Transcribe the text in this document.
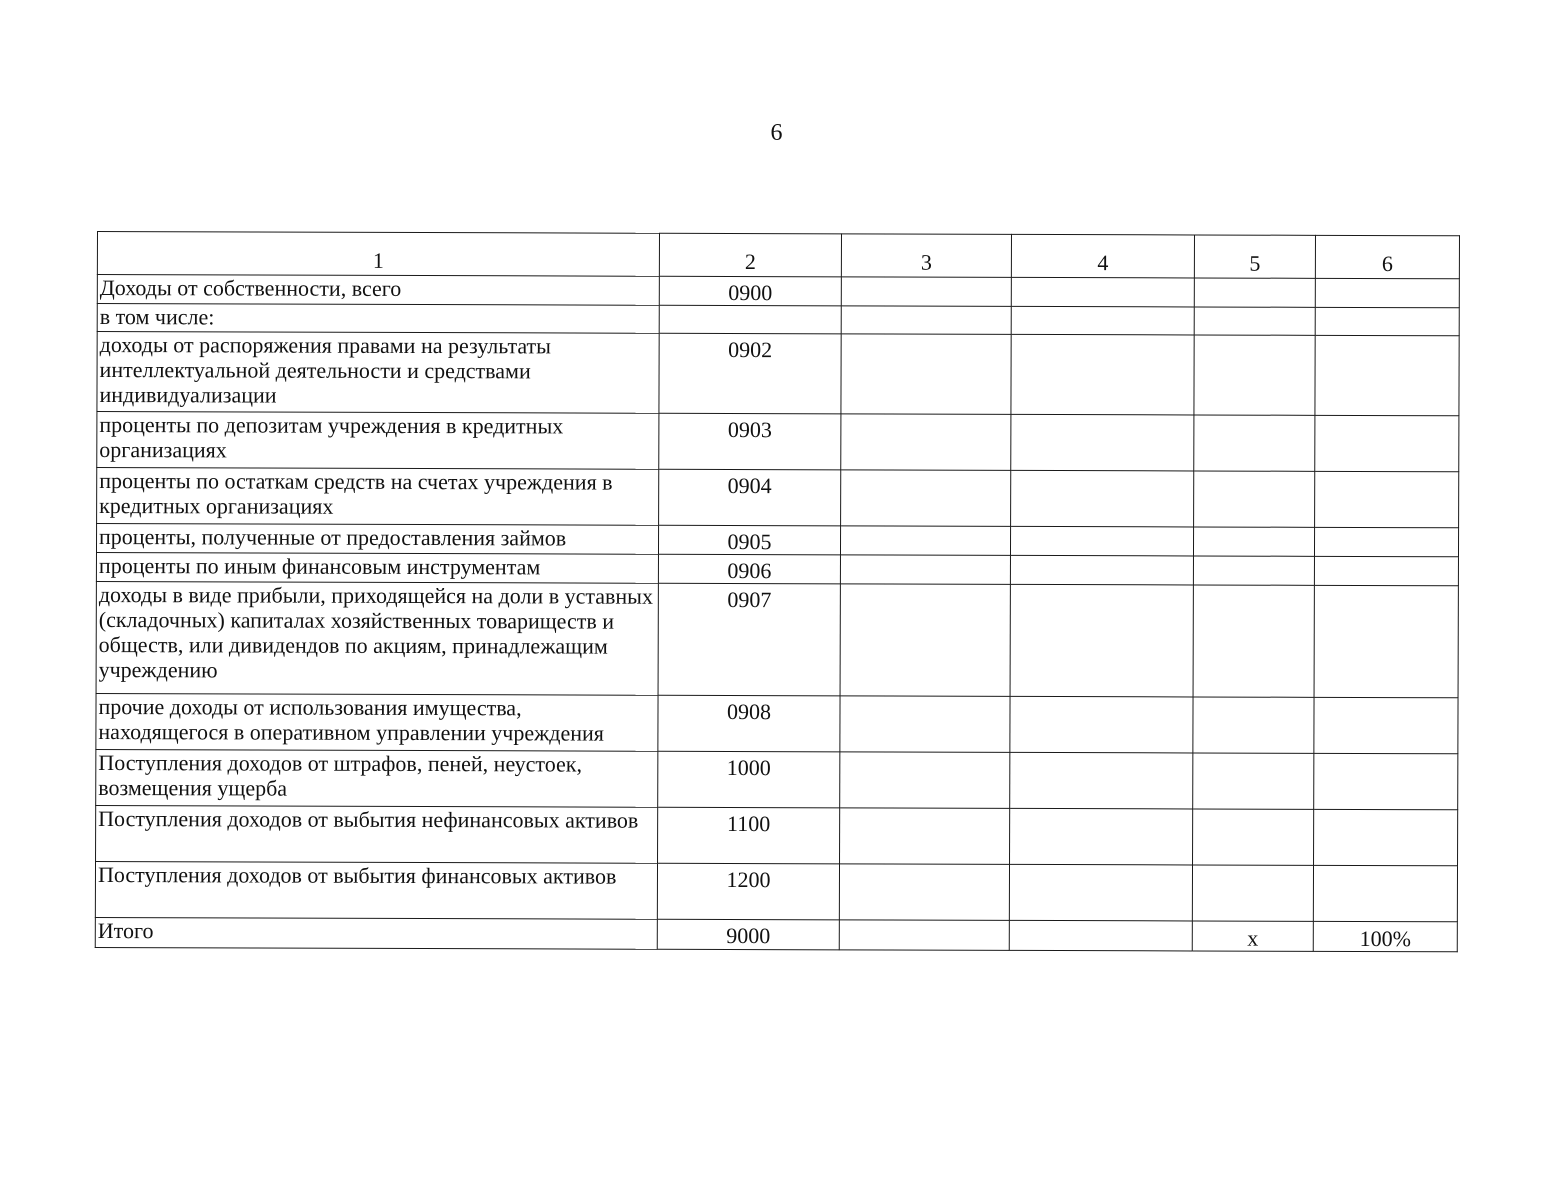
6
1	2	3	4	5	6
Доходы от собственности, всего	0900				
в том числе:					
доходы от распоряжения правами на результаты интеллектуальной деятельности и средствами индивидуализации	0902				
проценты по депозитам учреждения в кредитных организациях	0903				
проценты по остаткам средств на счетах учреждения в кредитных организациях	0904				
проценты, полученные от предоставления займов	0905				
проценты по иным финансовым инструментам	0906				
доходы в виде прибыли, приходящейся на доли в уставных (складочных) капиталах хозяйственных товариществ и обществ, или дивидендов по акциям, принадлежащим учреждению	0907				
прочие доходы от использования имущества, находящегося в оперативном управлении учреждения	0908				
Поступления доходов от штрафов, пеней, неустоек, возмещения ущерба	1000				
Поступления доходов от выбытия нефинансовых активов	1100				
Поступления доходов от выбытия финансовых активов	1200				
Итого	9000			х	100%
